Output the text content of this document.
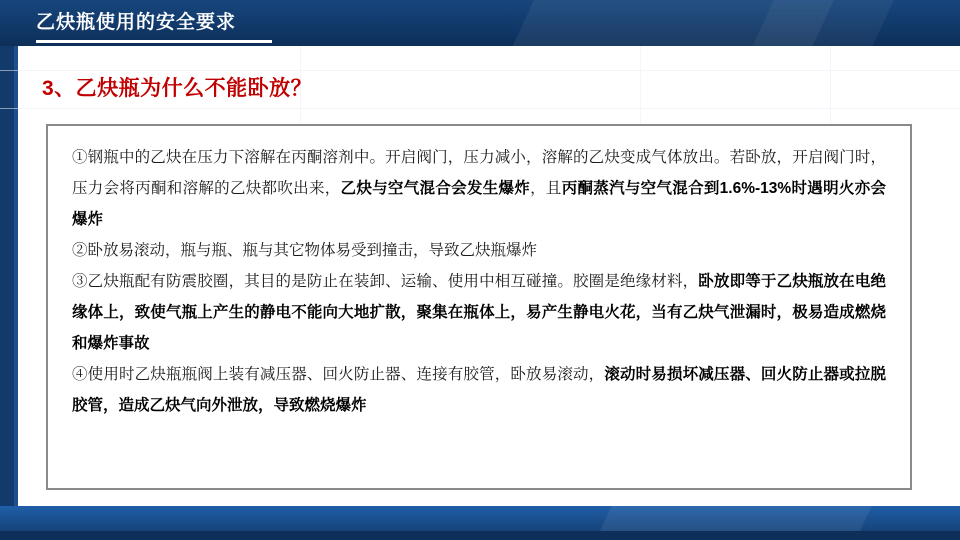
乙炔瓶使用的安全要求
3、乙炔瓶为什么不能卧放？

①钢瓶中的乙炔在压力下溶解在丙酮溶剂中。开启阀门，压力减小，溶解的乙炔变成气体放出。若卧放，开启阀门时，压力会将丙酮和溶解的乙炔都吹出来，乙炔与空气混合会发生爆炸，且丙酮蒸汽与空气混合到1.6%-13%时遇明火亦会爆炸

②卧放易滚动，瓶与瓶、瓶与其它物体易受到撞击，导致乙炔瓶爆炸

③乙炔瓶配有防震胶圈，其目的是防止在装卸、运输、使用中相互碰撞。胶圈是绝缘材料，卧放即等于乙炔瓶放在电绝缘体上，致使气瓶上产生的静电不能向大地扩散，聚集在瓶体上，易产生静电火花，当有乙炔气泄漏时，极易造成燃烧和爆炸事故

④使用时乙炔瓶瓶阀上装有减压器、回火防止器、连接有胶管，卧放易滚动，滚动时易损坏减压器、回火防止器或拉脱胶管，造成乙炔气向外泄放，导致燃烧爆炸
